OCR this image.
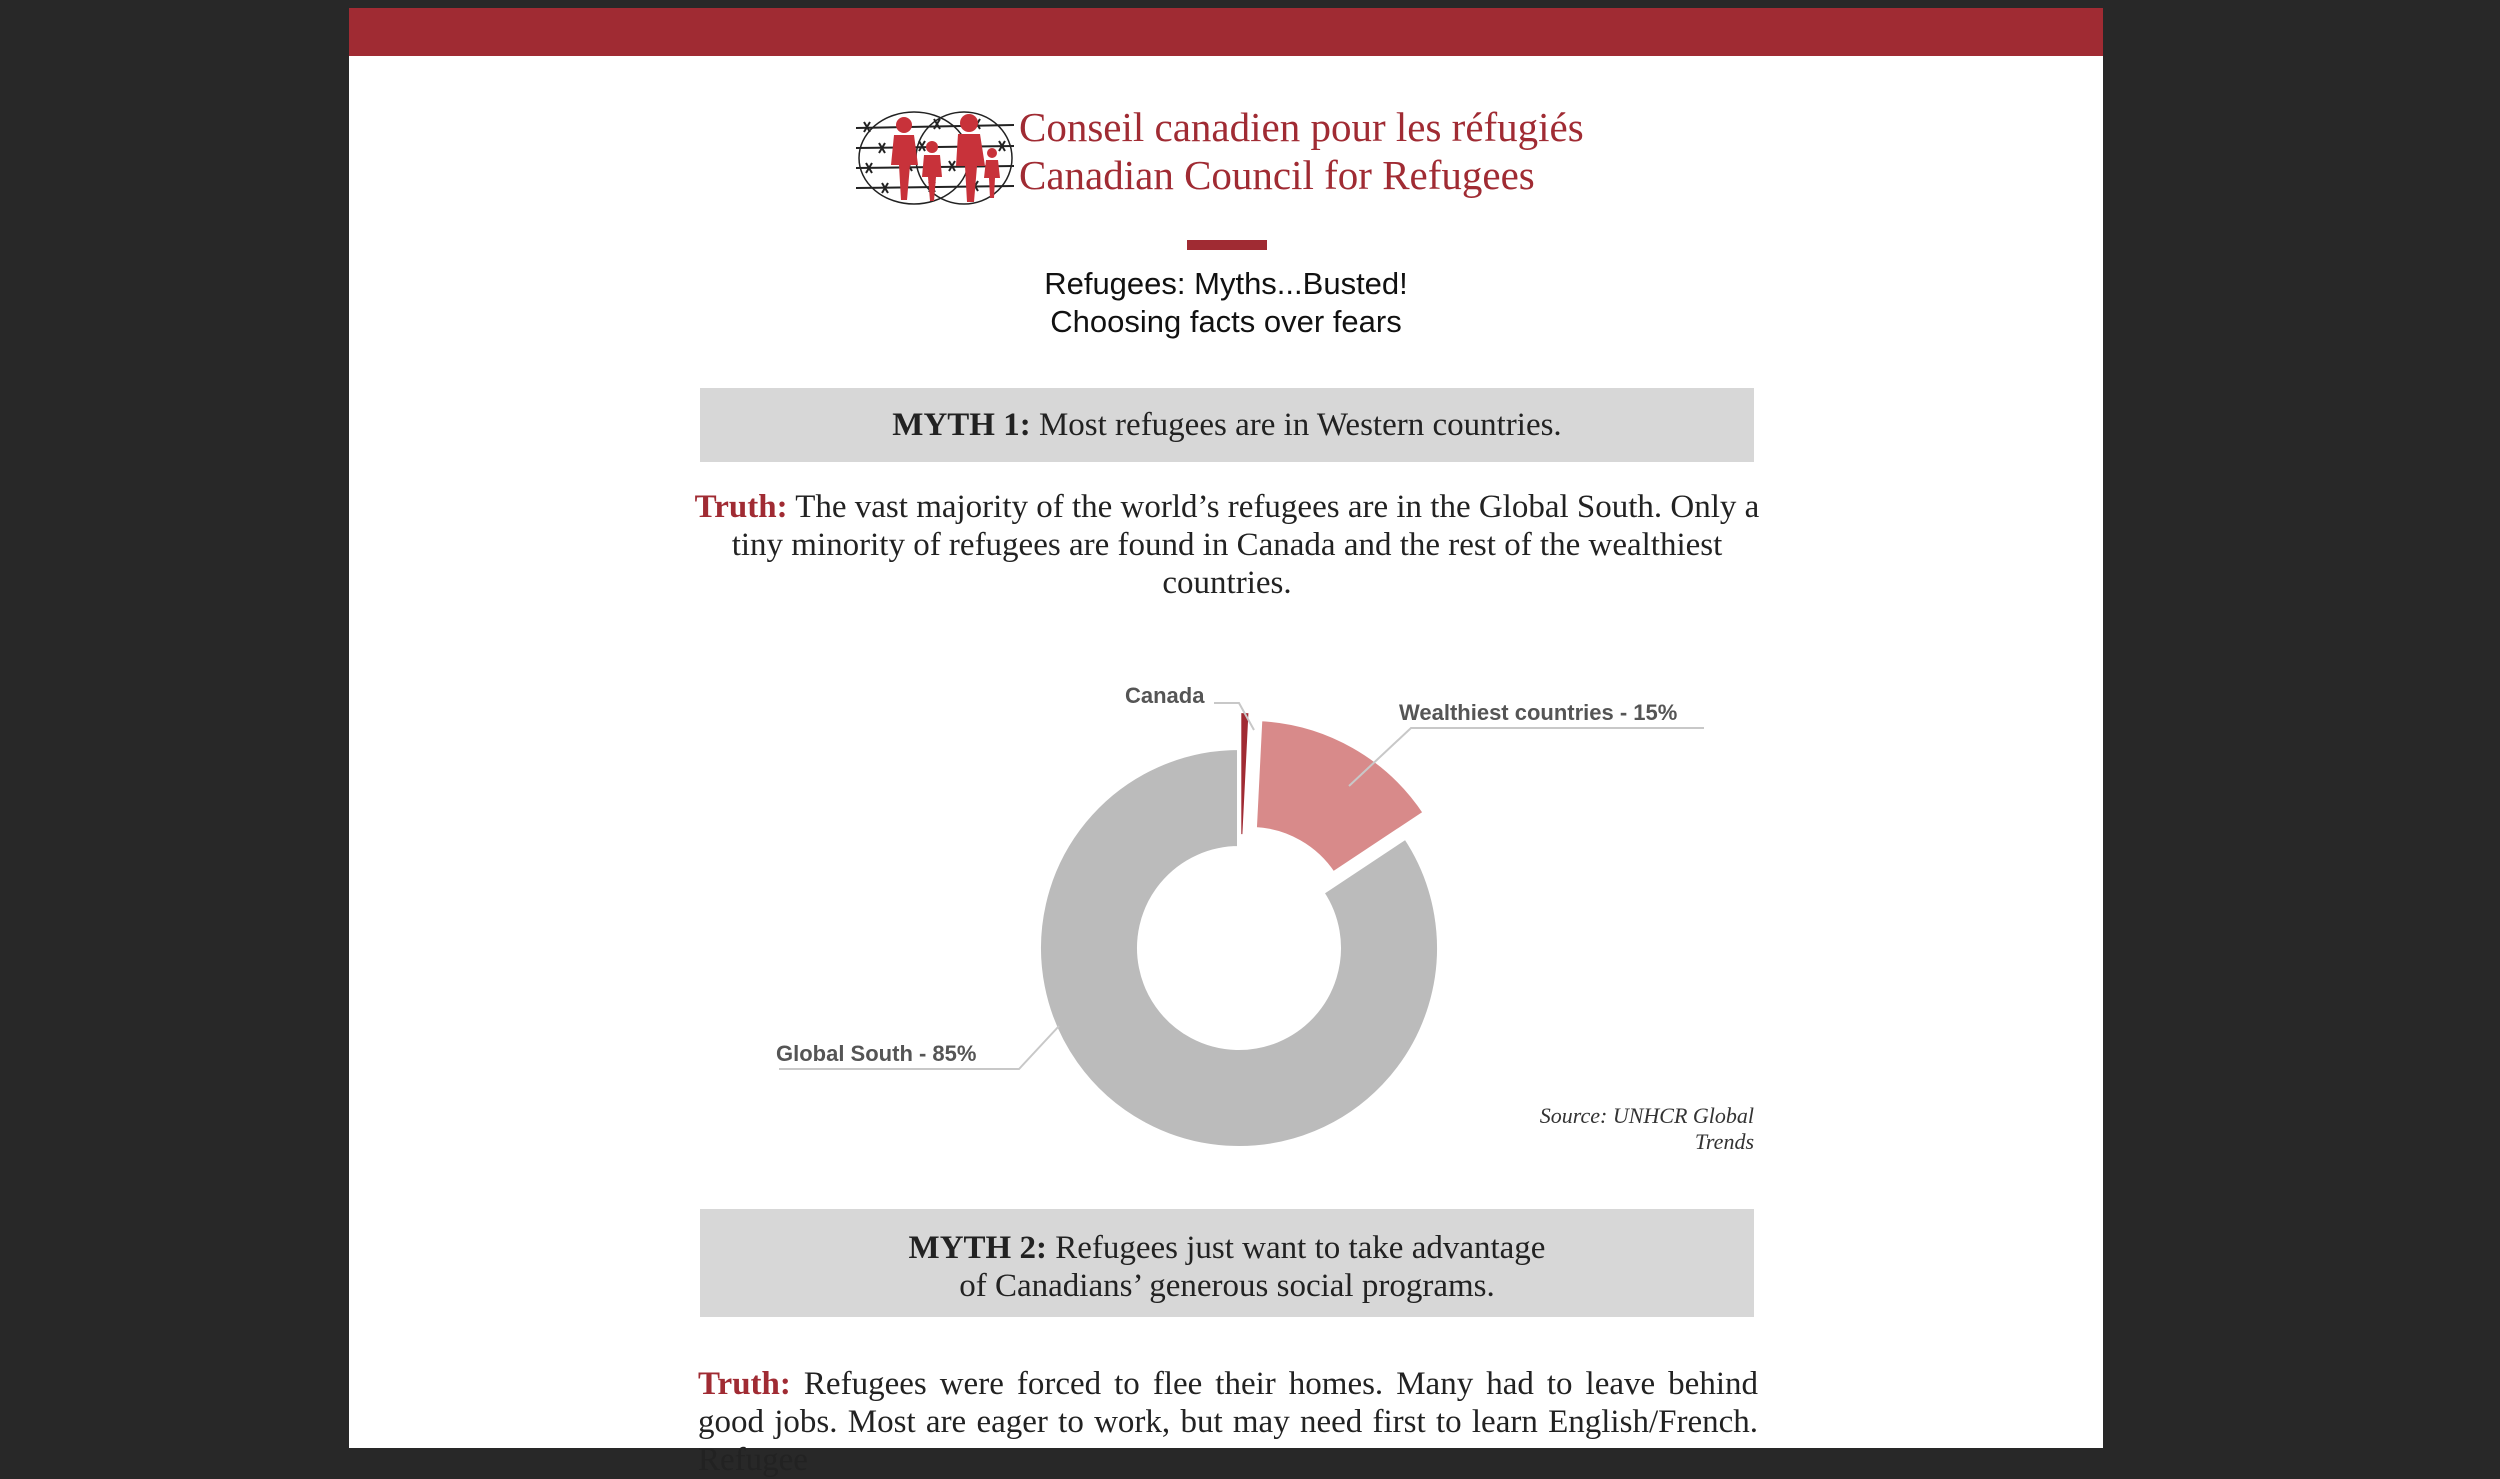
Conseil canadien pour les réfugiés
Canadian Council for Refugees
Refugees: Myths...Busted!
Choosing facts over fears
MYTH 1: Most refugees are in Western countries.
Truth: The vast majority of the world’s refugees are in the Global South. Only a tiny minority of refugees are found in Canada and the rest of the wealthiest countries.
Canada
Wealthiest countries - 15%
Global South - 85%
Source: UNHCR Global Trends
MYTH 2: Refugees just want to take advantage
of Canadians’ generous social programs.
Truth: Refugees were forced to flee their homes. Many had to leave behind good jobs. Most are eager to work, but may need first to learn English/French. Refugee
